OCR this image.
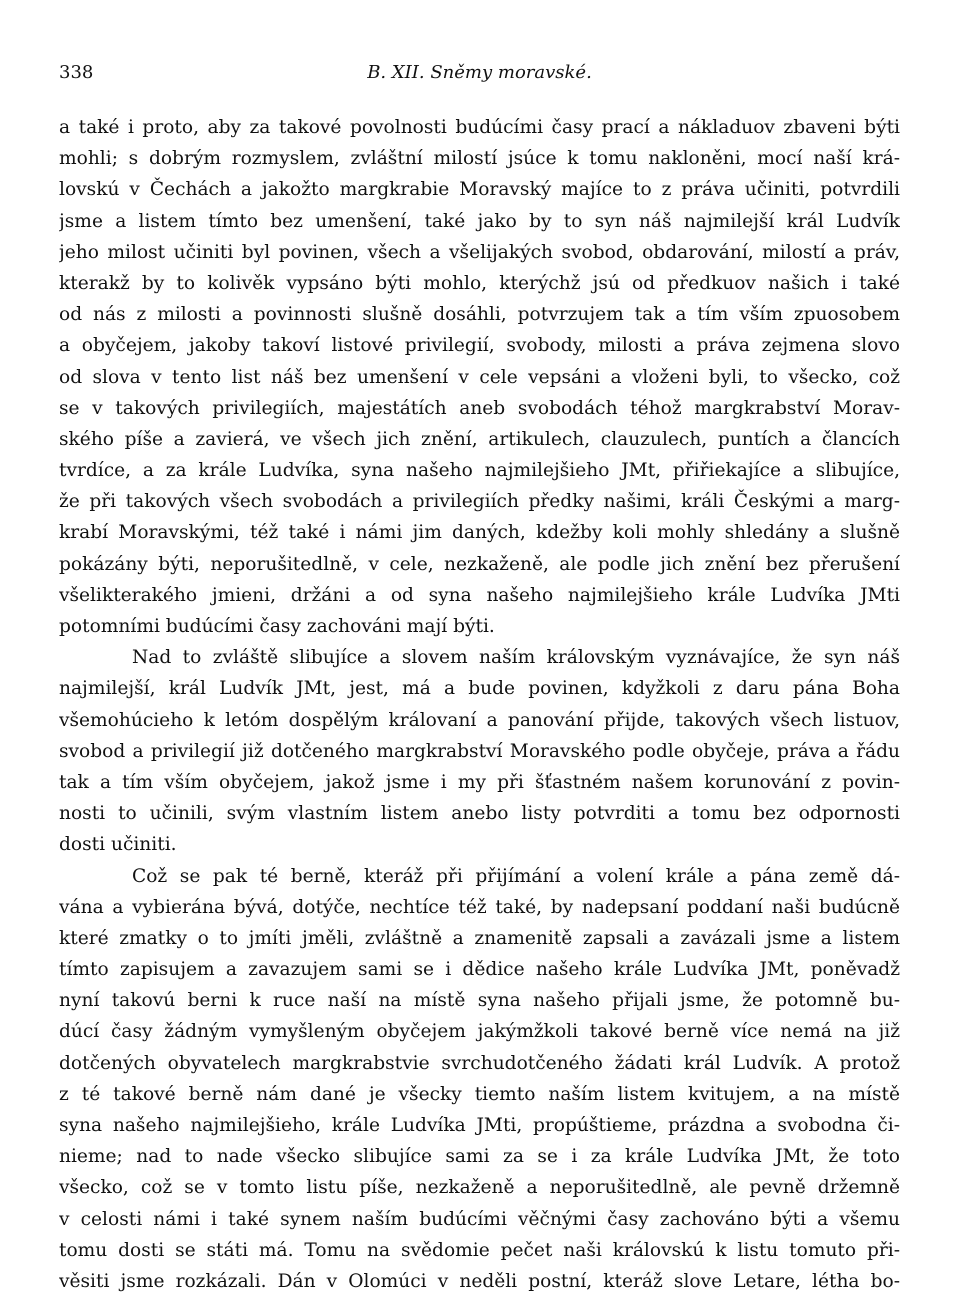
338	B. XII. Sněmy moravské.
a také i proto, aby za takové povolnosti budúcími časy prací a nákladuov zbaveni býti
mohli; s dobrým rozmyslem, zvláštní milostí jsúce k tomu nakloněni, mocí naší krá-
lovskú v Čechách a jakožto margkrabie Moravský majíce to z práva učiniti, potvrdili
jsme a listem tímto bez umenšení, také jako by to syn náš najmilejší král Ludvík
jeho milost učiniti byl povinen, všech a všelijakých svobod, obdarování, milostí a práv,
kterakž by to kolivěk vypsáno býti mohlo, kterýchž jsú od předkuov našich i také
od nás z milosti a povinnosti slušně dosáhli, potvrzujem tak a tím vším zpuosobem
a obyčejem, jakoby takoví listové privilegií, svobody, milosti a práva zejmena slovo
od slova v tento list náš bez umenšení v cele vepsáni a vloženi byli, to všecko, což
se v takových privilegiích, majestátích aneb svobodách téhož margkrabství Morav-
ského píše a zavierá, ve všech jich znění, artikulech, clauzulech, puntích a člancích
tvrdíce, a za krále Ludvíka, syna našeho najmilejšieho JMt, přiřiekajíce a slibujíce,
že při takových všech svobodách a privilegiích předky našimi, králi Českými a marg-
krabí Moravskými, též také i námi jim daných, kdežby koli mohly shledány a slušně
pokázány býti, neporušitedlně, v cele, nezkaženě, ale podle jich znění bez přerušení
všelikterakého jmieni, držáni a od syna našeho najmilejšieho krále Ludvíka JMti
potomními budúcími časy zachováni mají býti.
Nad to zvláště slibujíce a slovem naším královským vyznávajíce, že syn náš
najmilejší, král Ludvík JMt, jest, má a bude povinen, kdyžkoli z daru pána Boha
všemohúcieho k letóm dospělým královaní a panování přijde, takových všech listuov,
svobod a privilegií již dotčeného margkrabství Moravského podle obyčeje, práva a řádu
tak a tím vším obyčejem, jakož jsme i my při šťastném našem korunování z povin-
nosti to učinili, svým vlastním listem anebo listy potvrditi a tomu bez odpornosti
dosti učiniti.
Což se pak té berně, kteráž při přijímání a volení krále a pána země dá-
vána a vybierána bývá, dotýče, nechtíce též také, by nadepsaní poddaní naši budúcně
které zmatky o to jmíti jměli, zvláštně a znamenitě zapsali a zavázali jsme a listem
tímto zapisujem a zavazujem sami se i dědice našeho krále Ludvíka JMt, poněvadž
nyní takovú berni k ruce naší na místě syna našeho přijali jsme, že potomně bu-
dúcí časy žádným vymyšleným obyčejem jakýmžkoli takové berně více nemá na již
dotčených obyvatelech margkrabstvie svrchudotčeného žádati král Ludvík. A protož
z té takové berně nám dané je všecky tiemto naším listem kvitujem, a na místě
syna našeho najmilejšieho, krále Ludvíka JMti, propúštieme, prázdna a svobodna či-
nieme; nad to nade všecko slibujíce sami za se i za krále Ludvíka JMt, že toto
všecko, což se v tomto listu píše, nezkaženě a neporušitedlně, ale pevně držemně
v celosti námi i také synem naším budúcími věčnými časy zachováno býti a všemu
tomu dosti se státi má. Tomu na svědomie pečet naši královskú k listu tomuto při-
věsiti jsme rozkázali. Dán v Olomúci v neděli postní, kteráž slove Letare, létha bo-
